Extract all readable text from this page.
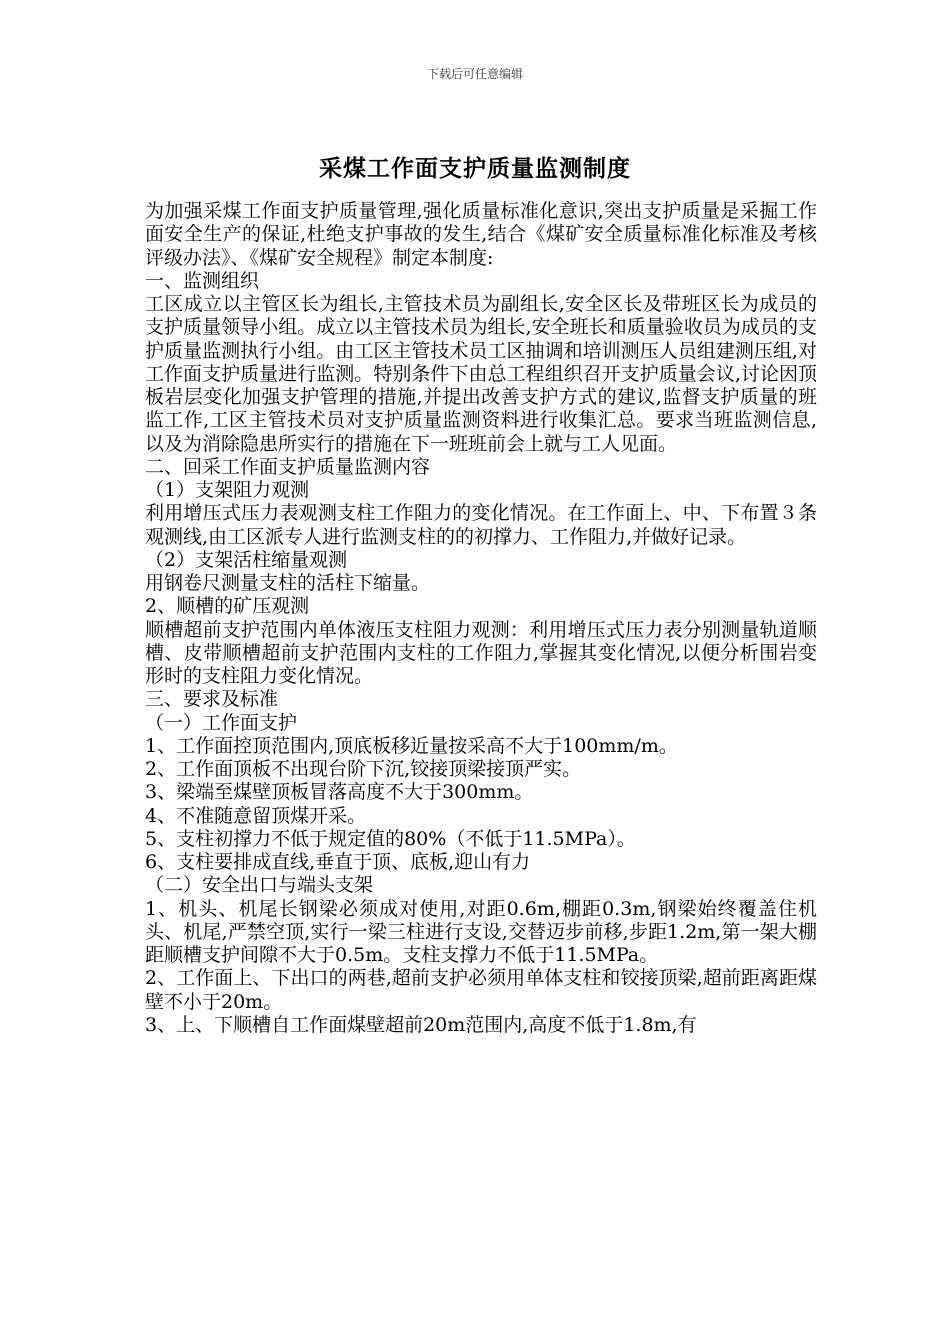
下载后可任意编辑
采煤工作面支护质量监测制度

为加强采煤工作面支护质量管理,强化质量标准化意识,突出支护质量是采掘工作面安全生产的保证,杜绝支护事故的发生,结合《煤矿安全质量标准化标准及考核评级办法》、《煤矿安全规程》制定本制度:

一、监测组织

工区成立以主管区长为组长,主管技术员为副组长,安全区长及带班区长为成员的支护质量领导小组。成立以主管技术员为组长,安全班长和质量验收员为成员的支护质量监测执行小组。由工区主管技术员工区抽调和培训测压人员组建测压组,对工作面支护质量进行监测。特别条件下由总工程组织召开支护质量会议,讨论因顶板岩层变化加强支护管理的措施,并提出改善支护方式的建议,监督支护质量的班监工作,工区主管技术员对支护质量监测资料进行收集汇总。要求当班监测信息,以及为消除隐患所实行的措施在下一班班前会上就与工人见面。

二、回采工作面支护质量监测内容

（1）支架阻力观测

利用增压式压力表观测支柱工作阻力的变化情况。在工作面上、中、下布置３条观测线,由工区派专人进行监测支柱的的初撑力、工作阻力,并做好记录。

（2）支架活柱缩量观测

用钢卷尺测量支柱的活柱下缩量。

2、顺槽的矿压观测

顺槽超前支护范围内单体液压支柱阻力观测：利用增压式压力表分别测量轨道顺槽、皮带顺槽超前支护范围内支柱的工作阻力,掌握其变化情况,以便分析围岩变形时的支柱阻力变化情况。

三、要求及标准

（一）工作面支护

1、工作面控顶范围内,顶底板移近量按采高不大于100mm/m。

2、工作面顶板不出现台阶下沉,铰接顶梁接顶严实。

3、梁端至煤壁顶板冒落高度不大于300mm。

4、不准随意留顶煤开采。

5、支柱初撑力不低于规定值的80%（不低于11.5MPa）。

6、支柱要排成直线,垂直于顶、底板,迎山有力

（二）安全出口与端头支架

1、机头、机尾长钢梁必须成对使用,对距0.6m,棚距0.3m,钢梁始终覆盖住机头、机尾,严禁空顶,实行一梁三柱进行支设,交替迈步前移,步距1.2m,第一架大棚距顺槽支护间隙不大于0.5m。支柱支撑力不低于11.5MPa。

2、工作面上、下出口的两巷,超前支护必须用单体支柱和铰接顶梁,超前距离距煤壁不小于20m。

3、上、下顺槽自工作面煤壁超前20m范围内,高度不低于1.8m,有
